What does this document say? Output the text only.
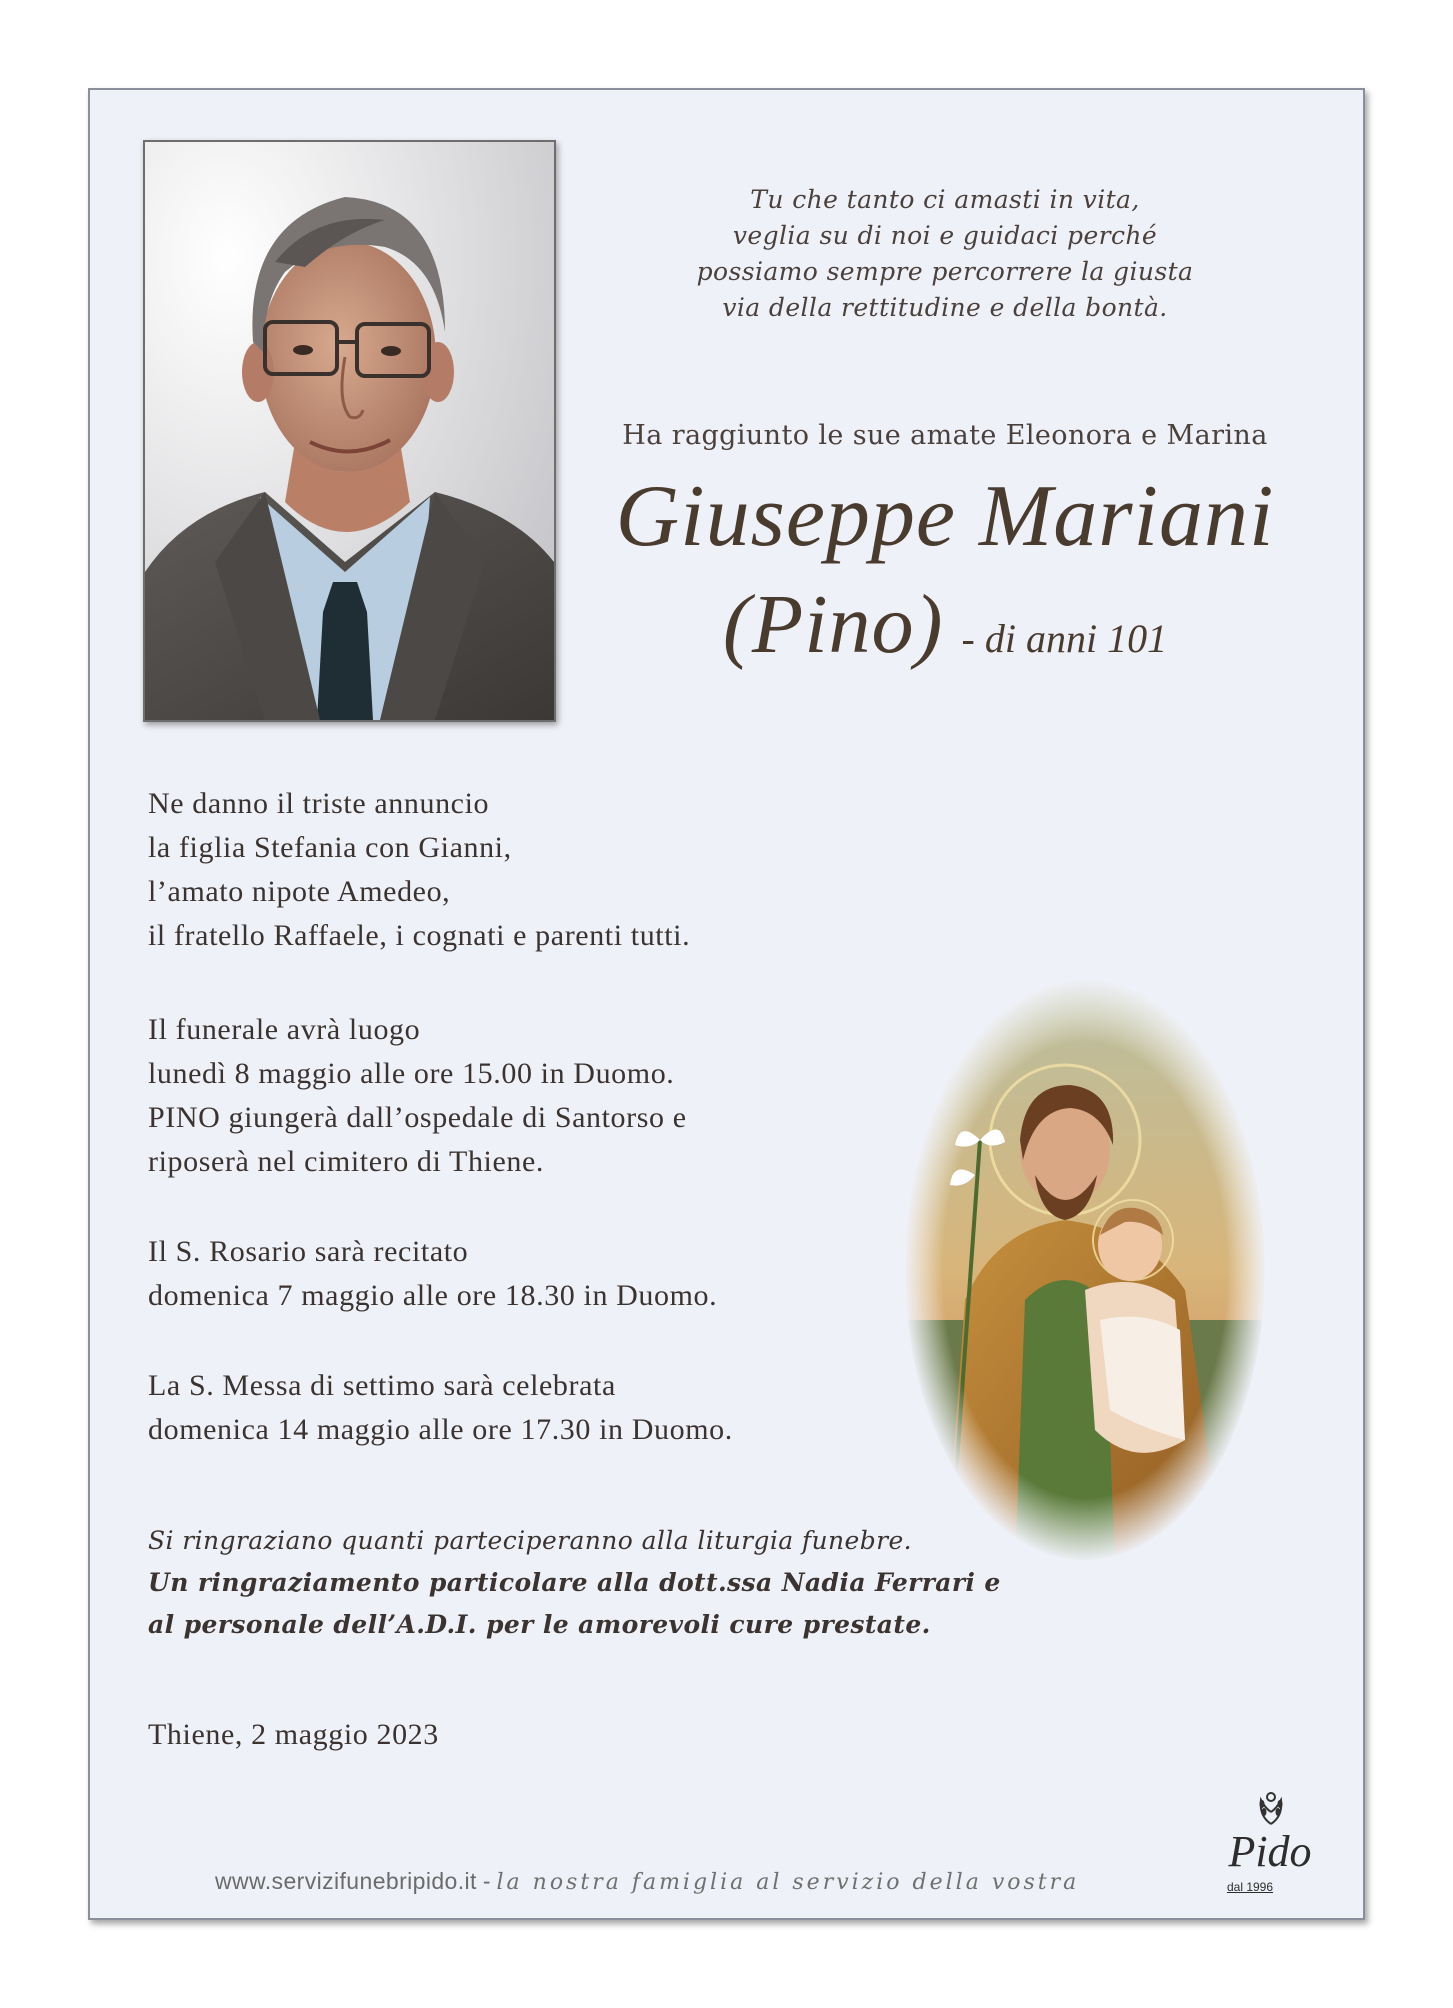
Tu che tanto ci amasti in vita,
veglia su di noi e guidaci perché
possiamo sempre percorrere la giusta
via della rettitudine e della bontà.
Ha raggiunto le sue amate Eleonora e Marina
Giuseppe Mariani
(Pino) - di anni 101
Ne danno il triste annuncio
la figlia Stefania con Gianni,
l’amato nipote Amedeo,
il fratello Raffaele, i cognati e parenti tutti.
Il funerale avrà luogo
lunedì 8 maggio alle ore 15.00 in Duomo.
PINO giungerà dall’ospedale di Santorso e
riposerà nel cimitero di Thiene.
Il S. Rosario sarà recitato
domenica 7 maggio alle ore 18.30 in Duomo.
La S. Messa di settimo sarà celebrata
domenica 14 maggio alle ore 17.30 in Duomo.
Si ringraziano quanti parteciperanno alla liturgia funebre.
Un ringraziamento particolare alla dott.ssa Nadia Ferrari e
al personale dell’A.D.I. per le amorevoli cure prestate.
Thiene, 2 maggio 2023
www.servizifunebripido.it - la nostra famiglia al servizio della vostra
Pido
dal 1996
